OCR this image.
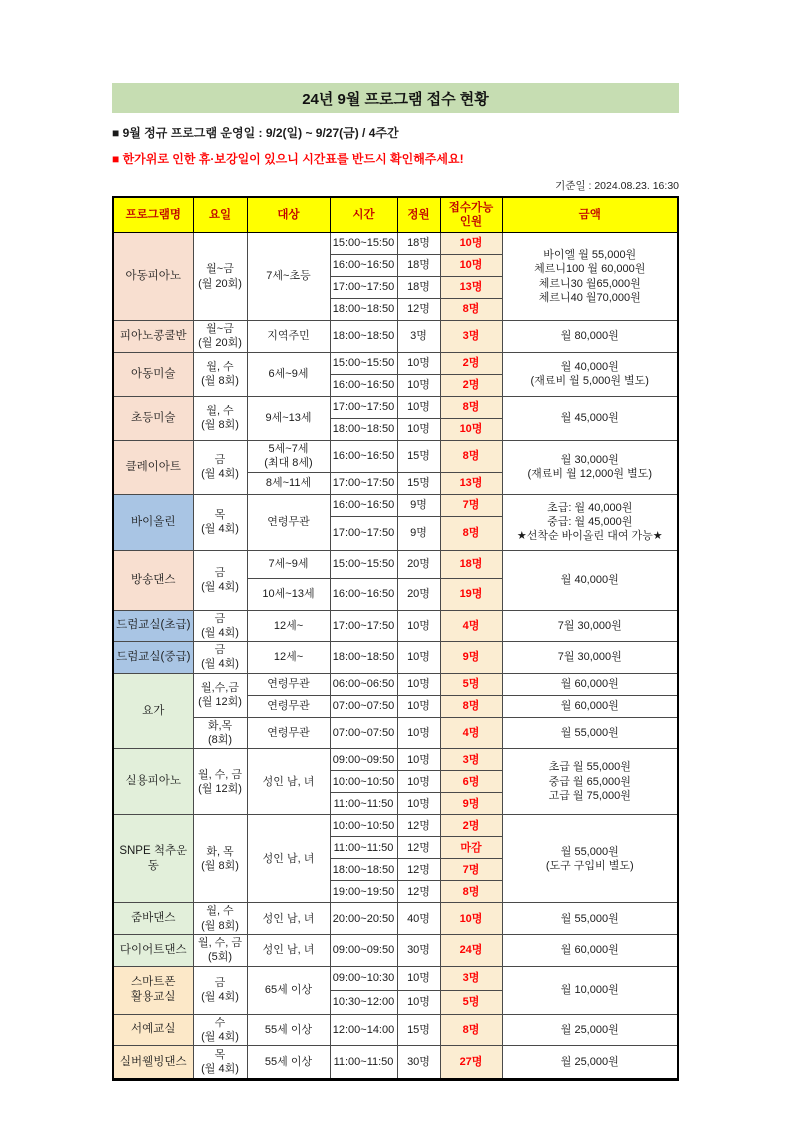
24년 9월 프로그램 접수 현황
■ 9월 정규 프로그램 운영일 : 9/2(일) ~ 9/27(금) / 4주간
■ 한가위로 인한 휴·보강일이 있으니 시간표를 반드시 확인해주세요!
기준일 : 2024.08.23. 16:30
프로그램명	요일	대상	시간	정원	접수가능
인원	금액
아동피아노	월~금
(월 20회)	7세~초등	15:00~15:50	18명	10명	바이엘 월 55,000원
체르니100 월 60,000원
체르니30 월65,000원
체르니40 월70,000원
			16:00~16:50	18명	10명	
			17:00~17:50	18명	13명	
			18:00~18:50	12명	8명	
피아노콩쿨반	월~금
(월 20회)	지역주민	18:00~18:50	3명	3명	월 80,000원
아동미술	월, 수
(월 8회)	6세~9세	15:00~15:50	10명	2명	월 40,000원
(재료비 월 5,000원 별도)
			16:00~16:50	10명	2명	
초등미술	월, 수
(월 8회)	9세~13세	17:00~17:50	10명	8명	월 45,000원
			18:00~18:50	10명	10명	
클레이아트	금
(월 4회)	5세~7세
(최대 8세)	16:00~16:50	15명	8명	월 30,000원
(재료비 월 12,000원 별도)
		8세~11세	17:00~17:50	15명	13명	
바이올린	목
(월 4회)	연령무관	16:00~16:50	9명	7명	초급: 월 40,000원
중급: 월 45,000원
★선착순 바이올린 대여 가능★
			17:00~17:50	9명	8명	
방송댄스	금
(월 4회)	7세~9세	15:00~15:50	20명	18명	월 40,000원
		10세~13세	16:00~16:50	20명	19명	
드럼교실(초급)	금
(월 4회)	12세~	17:00~17:50	10명	4명	7월 30,000원
드럼교실(중급)	금
(월 4회)	12세~	18:00~18:50	10명	9명	7월 30,000원
요가	월,수,금
(월 12회)	연령무관	06:00~06:50	10명	5명	월 60,000원
		연령무관	07:00~07:50	10명	8명	월 60,000원
	화,목
(8회)	연령무관	07:00~07:50	10명	4명	월 55,000원
실용피아노	월, 수, 금
(월 12회)	성인 남, 녀	09:00~09:50	10명	3명	초급 월 55,000원
중급 월 65,000원
고급 월 75,000원
			10:00~10:50	10명	6명	
			11:00~11:50	10명	9명	
SNPE 척추운동	화, 목
(월 8회)	성인 남, 녀	10:00~10:50	12명	2명	월 55,000원
(도구 구입비 별도)
			11:00~11:50	12명	마감	
			18:00~18:50	12명	7명	
			19:00~19:50	12명	8명	
줌바댄스	월, 수
(월 8회)	성인 남, 녀	20:00~20:50	40명	10명	월 55,000원
다이어트댄스	월, 수, 금
(5회)	성인 남, 녀	09:00~09:50	30명	24명	월 60,000원
스마트폰
활용교실	금
(월 4회)	65세 이상	09:00~10:30	10명	3명	월 10,000원
			10:30~12:00	10명	5명	
서예교실	수
(월 4회)	55세 이상	12:00~14:00	15명	8명	월 25,000원
실버웰빙댄스	목
(월 4회)	55세 이상	11:00~11:50	30명	27명	월 25,000원
